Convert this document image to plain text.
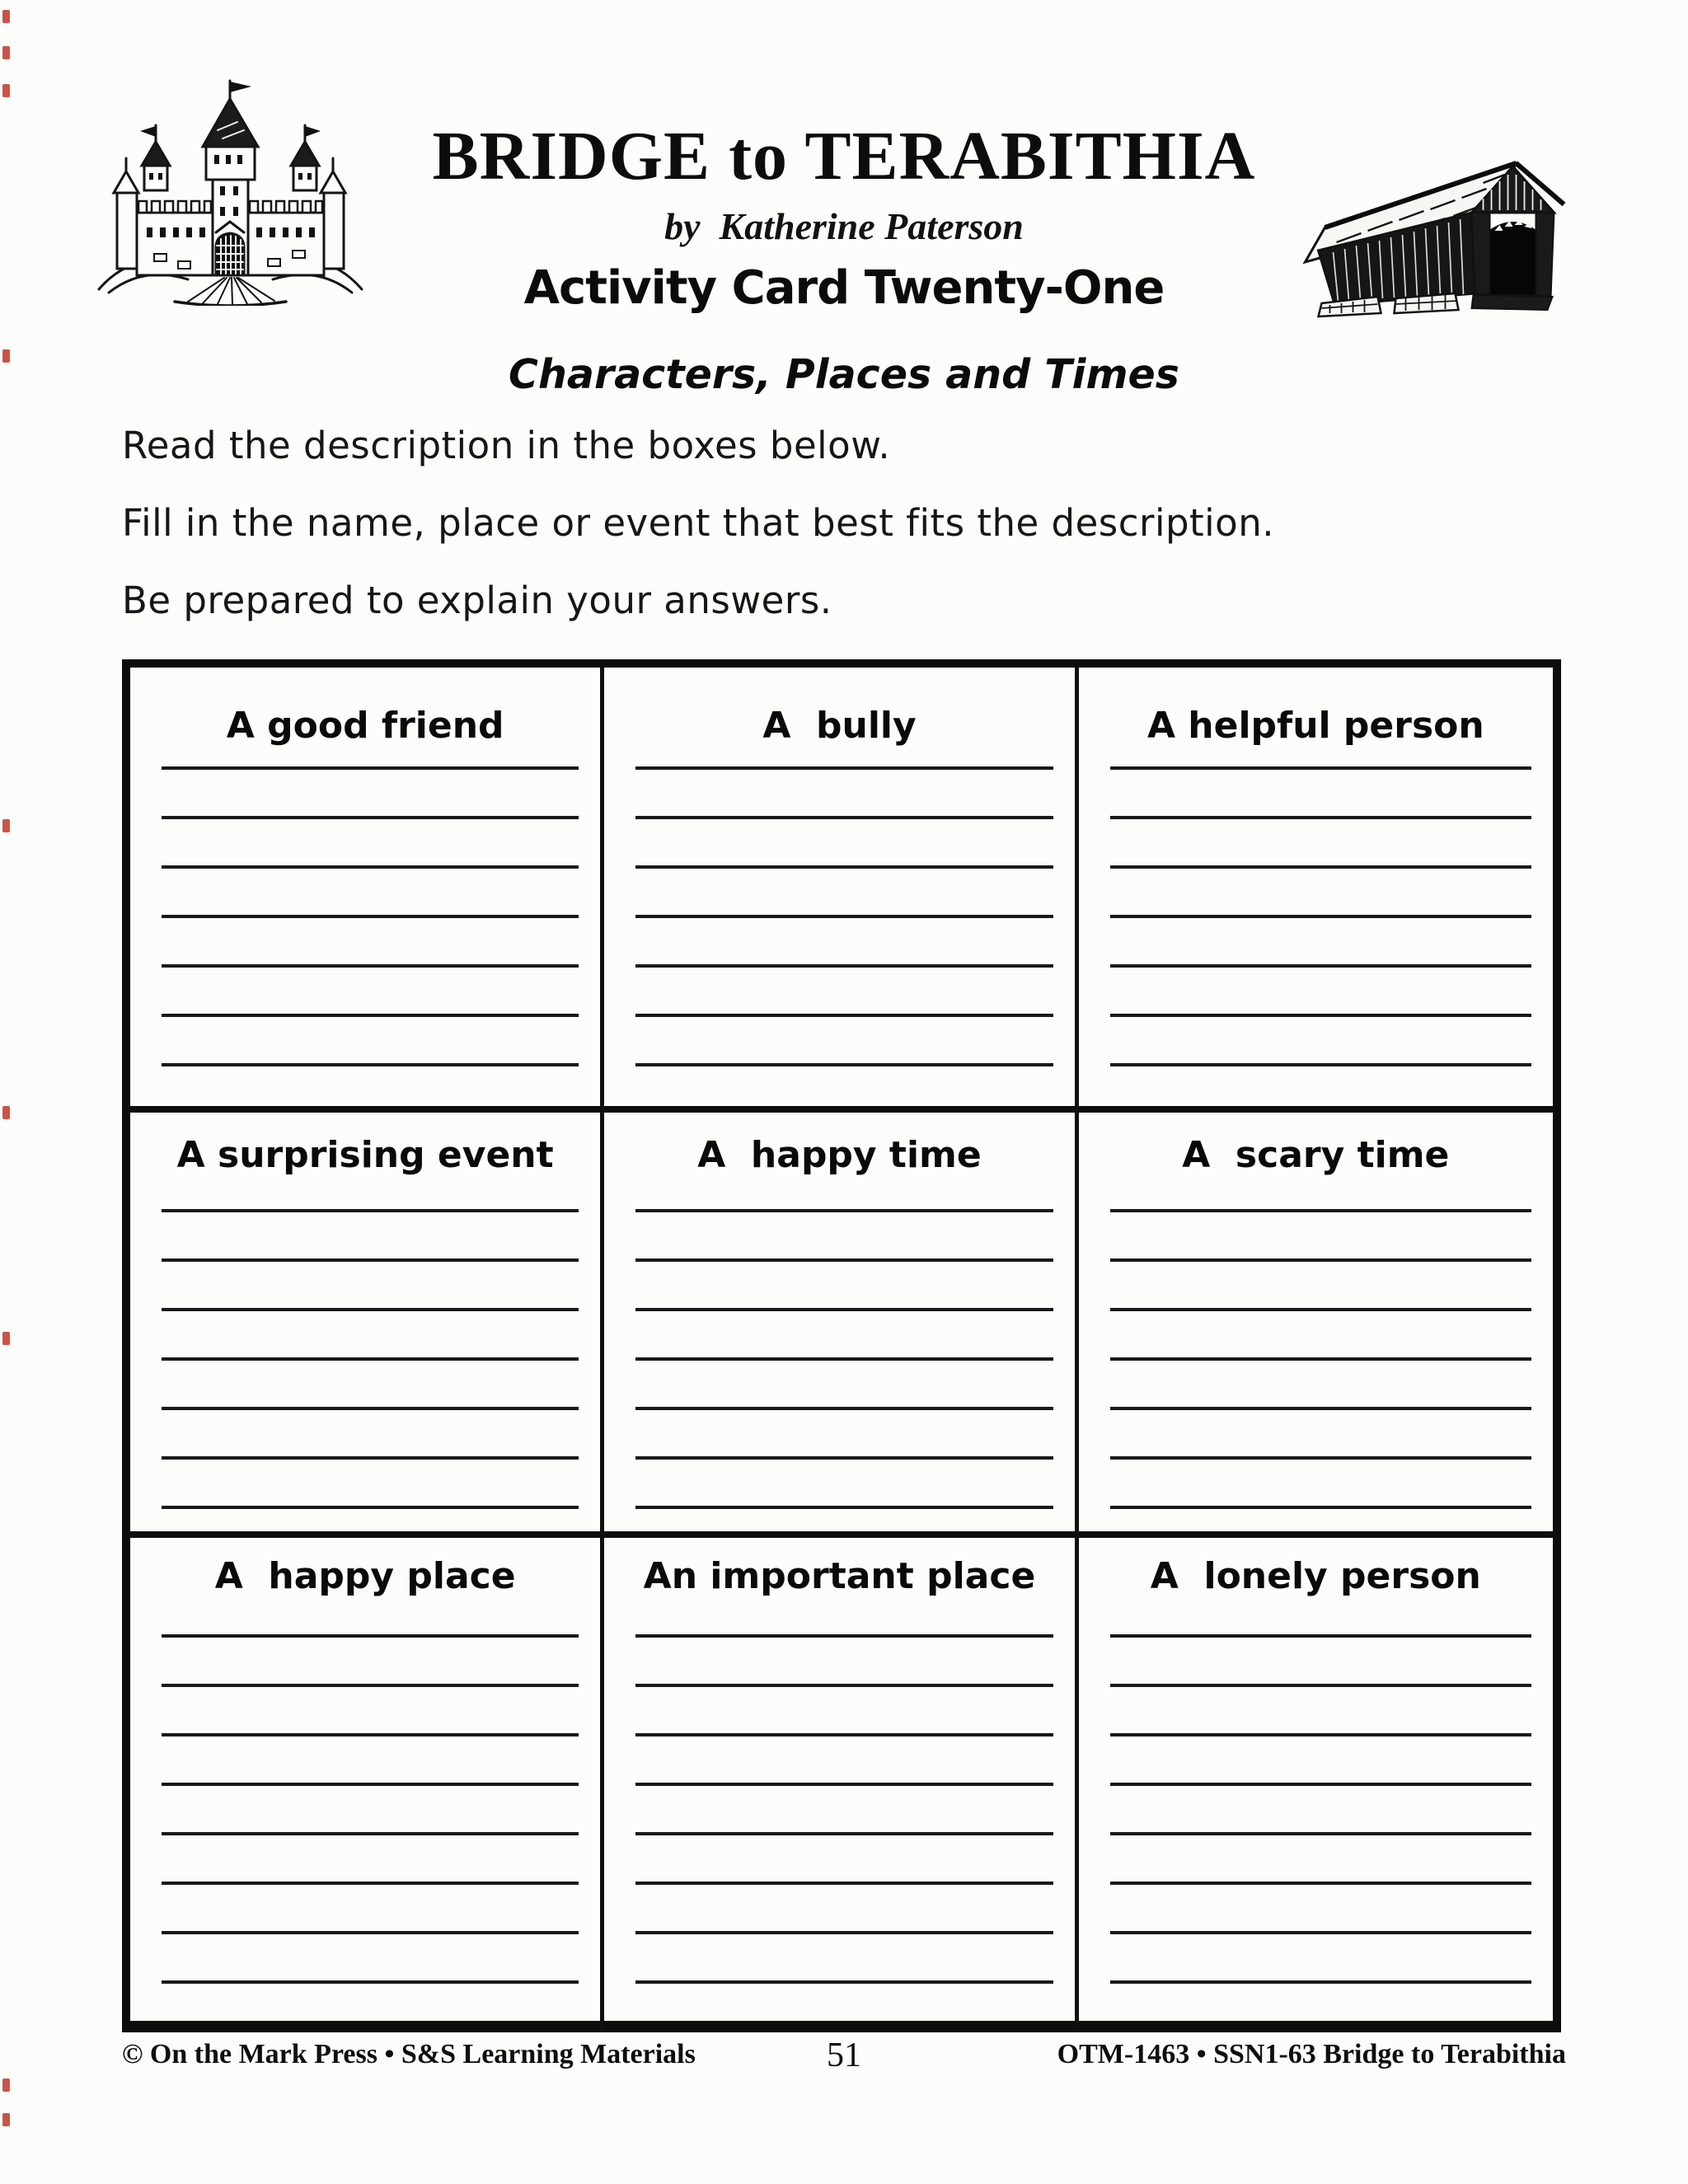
BRIDGE to TERABITHIA
by  Katherine Paterson
Activity Card Twenty-One
Characters, Places and Times
Read the description in the boxes below.
Fill in the name, place or event that best fits the description.
Be prepared to explain your answers.
A good friend	A  bully	A helpful person
A surprising event	A  happy time	A  scary time
A  happy place	An important place	A  lonely person
© On the Mark Press • S&S Learning Materials	51	OTM-1463 • SSN1-63 Bridge to Terabithia
